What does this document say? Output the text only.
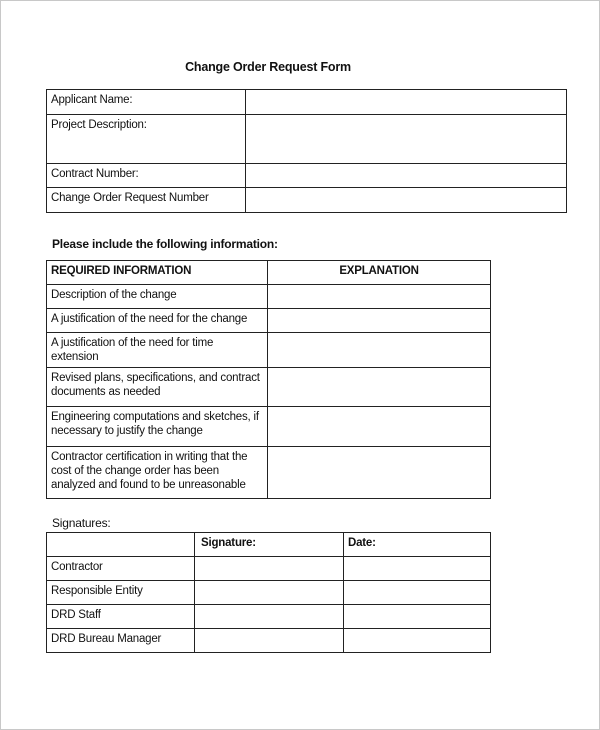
Change Order Request Form
Applicant Name:	
Project Description:	
Contract Number:	
Change Order Request Number	
Please include the following information:
REQUIRED INFORMATION	EXPLANATION
Description of the change	
A justification of the need for the change	
A justification of the need for time extension	
Revised plans, specifications, and contract documents as needed	
Engineering computations and sketches, if necessary to justify the change	
Contractor certification in writing that the cost of the change order has been analyzed and found to be unreasonable	
Signatures:
	Signature:	Date:
Contractor		
Responsible Entity		
DRD Staff		
DRD Bureau Manager		
